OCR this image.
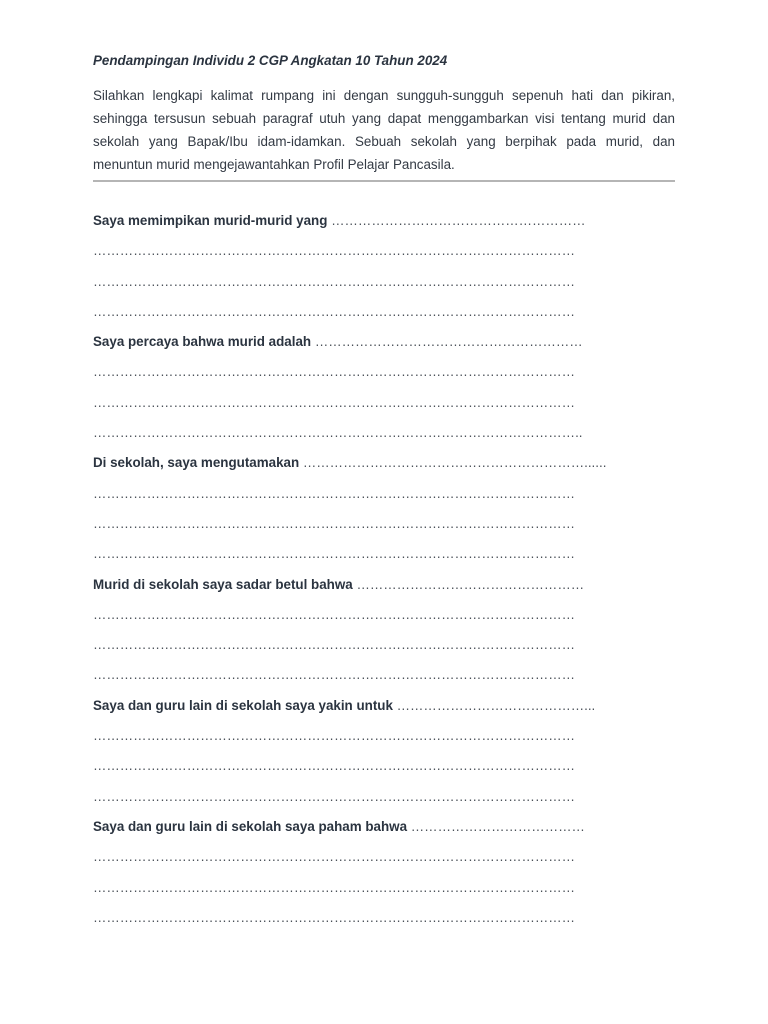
Pendampingan Individu 2 CGP Angkatan 10 Tahun 2024

Silahkan lengkapi kalimat rumpang ini dengan sungguh-sungguh sepenuh hati dan pikiran, sehingga tersusun sebuah paragraf utuh yang dapat menggambarkan visi tentang murid dan sekolah yang Bapak/Ibu idam-idamkan. Sebuah sekolah yang berpihak pada murid, dan menuntun murid mengejawantahkan Profil Pelajar Pancasila.

Saya memimpikan murid-murid yang …………………………………………………
………………………………………………………………………………………………
………………………………………………………………………………………………
………………………………………………………………………………………………
Saya percaya bahwa murid adalah ……………………………………………………
………………………………………………………………………………………………
………………………………………………………………………………………………
………………………………………………………………………………………………..
Di sekolah, saya mengutamakan ………………………………………………………......
………………………………………………………………………………………………
………………………………………………………………………………………………
………………………………………………………………………………………………
Murid di sekolah saya sadar betul bahwa ……………………………………………
………………………………………………………………………………………………
………………………………………………………………………………………………
………………………………………………………………………………………………
Saya dan guru lain di sekolah saya yakin untuk ……………………………………...
………………………………………………………………………………………………
………………………………………………………………………………………………
………………………………………………………………………………………………
Saya dan guru lain di sekolah saya paham bahwa …………………………………
………………………………………………………………………………………………
………………………………………………………………………………………………
………………………………………………………………………………………………
